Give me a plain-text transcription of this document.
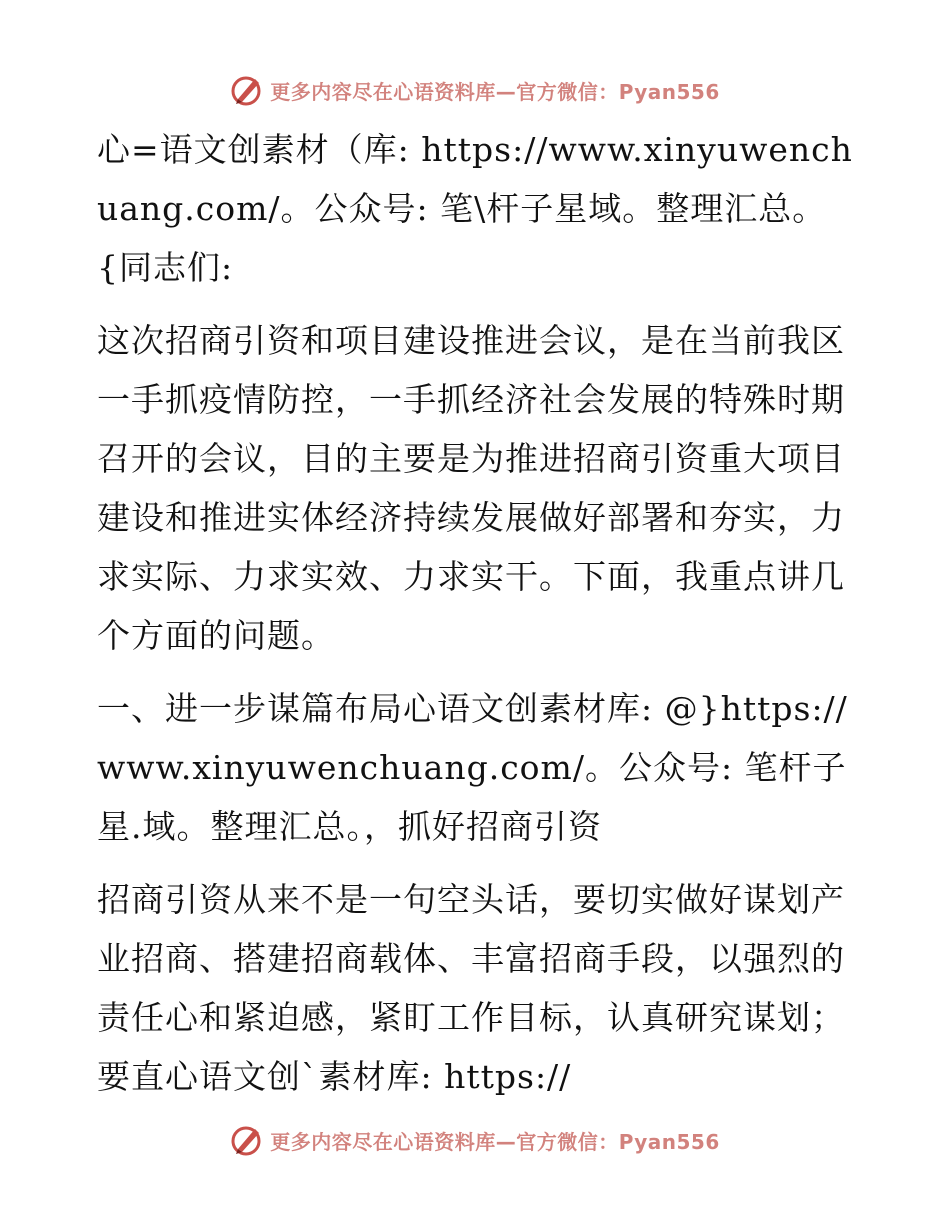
更多内容尽在心语资料库—官方微信：Pyan556

心=语文创素材（库: https://www.xinyuwenchuang.com/。公众号: 笔\杆子星域。整理汇总。{同志们:

这次招商引资和项目建设推进会议，是在当前我区一手抓疫情防控，一手抓经济社会发展的特殊时期召开的会议，目的主要是为推进招商引资重大项目建设和推进实体经济持续发展做好部署和夯实，力求实际、力求实效、力求实干。下面，我重点讲几个方面的问题。

一、进一步谋篇布局心语文创素材库: @}https://www.xinyuwenchuang.com/。公众号: 笔杆子星.域。整理汇总。，抓好招商引资

招商引资从来不是一句空头话，要切实做好谋划产业招商、搭建招商载体、丰富招商手段，以强烈的责任心和紧迫感，紧盯工作目标，认真研究谋划；要直心语文创`素材库: https://

更多内容尽在心语资料库—官方微信：Pyan556
